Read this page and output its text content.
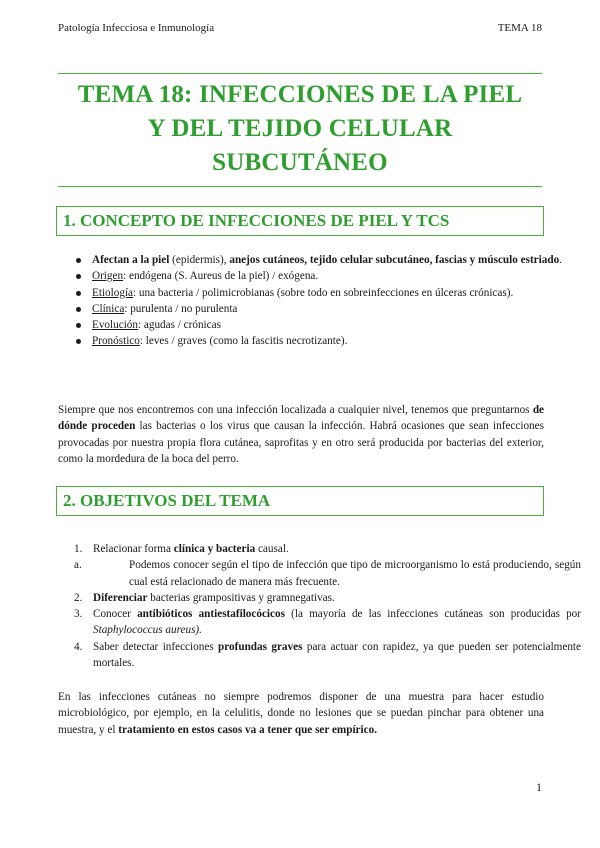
Patología Infecciosa e Inmunología	TEMA 18
TEMA 18: INFECCIONES DE LA PIEL
Y DEL TEJIDO CELULAR
SUBCUTÁNEO
1. CONCEPTO DE INFECCIONES DE PIEL Y TCS
Afectan a la piel (epidermis), anejos cutáneos, tejido celular subcutáneo, fascias y músculo estriado.
Origen: endógena (S. Aureus de la piel) / exógena.
Etiología: una bacteria / polimicrobianas (sobre todo en sobreinfecciones en úlceras crónicas).
Clínica: purulenta / no purulenta
Evolución: agudas / crónicas
Pronóstico: leves / graves (como la fascitis necrotizante).
Siempre que nos encontremos con una infección localizada a cualquier nivel, tenemos que preguntarnos de dónde proceden las bacterias o los virus que causan la infección. Habrá ocasiones que sean infecciones provocadas por nuestra propia flora cutánea, saprofitas y en otro será producida por bacterias del exterior, como la mordedura de la boca del perro.
2. OBJETIVOS DEL TEMA
1. Relacionar forma clínica y bacteria causal.
a.	Podemos conocer según el tipo de infección que tipo de microorganismo lo está produciendo, según cual está relacionado de manera más frecuente.
2. Diferenciar bacterias grampositivas y gramnegativas.
3. Conocer antibióticos antiestafilocócicos (la mayoría de las infecciones cutáneas son producidas por Staphylococcus aureus).
4. Saber detectar infecciones profundas graves para actuar con rapidez, ya que pueden ser potencialmente mortales.
En las infecciones cutáneas no siempre podremos disponer de una muestra para hacer estudio microbiológico, por ejemplo, en la celulitis, donde no lesiones que se puedan pinchar para obtener una muestra, y el tratamiento en estos casos va a tener que ser empírico.
1
